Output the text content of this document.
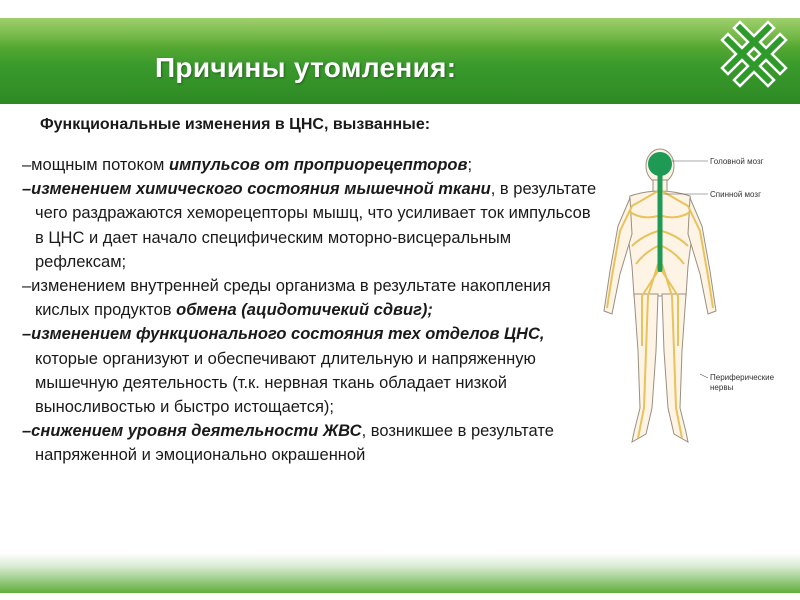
Причины утомления:
Функциональные изменения в ЦНС, вызванные:

–мощным потоком импульсов от проприорецепторов;

–изменением химического состояния мышечной ткани, в результате чего раздражаются хеморецепторы мышц, что усиливает ток импульсов в ЦНС и дает начало специфическим моторно-висцеральным рефлексам;

–изменением внутренней среды организма в результате накопления кислых продуктов обмена (ацидотичекий сдвиг);

–изменением функционального состояния тех отделов ЦНС, которые организуют и обеспечивают длительную и напряженную мышечную деятельность (т.к. нервная ткань обладает низкой выносливостью и быстро истощается);

–снижением уровня деятельности ЖВС, возникшее в результате напряженной и эмоционально окрашенной

Головной мозг
Спинной мозг
Периферические
нервы
